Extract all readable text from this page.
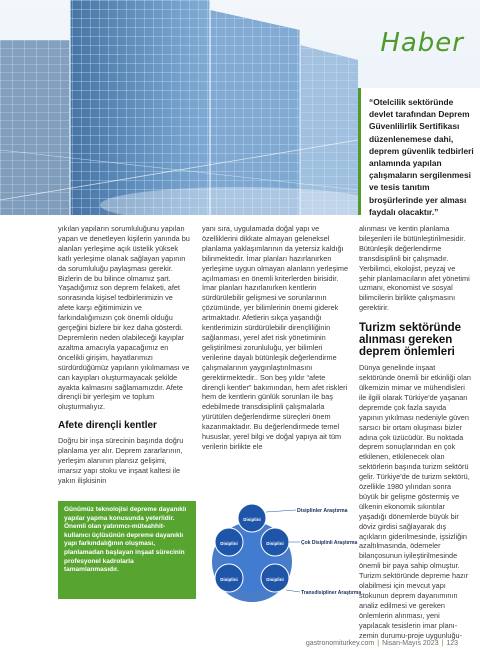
Haber

“Otelcilik sektöründe devlet tarafından Deprem Güvenlilirlik Sertifikası düzenlenemese dahi, deprem güvenlik tedbirleri anlamında yapılan çalışmaların sergilenmesi ve tesis tanıtım broşürlerinde yer alması faydalı olacaktır.”

yıkılan yapıların sorumluluğunu yapılan yapan ve denetleyen kişilerin yanında bu alanları yerleşime açık üstelik yüksek katlı yerleşime olanak sağlayan yapının da sorumluluğu paylaşması gerekir. Bizlerin de bu bilince olmamız şart. Yaşadığımız son deprem felaketi, afet sonrasında kişisel tedbirlerimizin ve afete karşı eğitimimizin ve farkındalığımızın çok önemli olduğu gerçeğini bizlere bir kez daha gösterdi. Depremlerin neden olabileceği kayıplar azaltma amacıyla yapacağımız en öncelikli girişim, hayatlarımızı sürdürdüğümüz yapıların yıkılmaması ve can kayıpları oluşturmayacak şekilde ayakta kalmasını sağlamamızdır. Afete dirençli bir yerleşim ve toplum oluşturmalıyız.

Afete dirençli kentler

Doğru bir inşa sürecinin başında doğru planlama yer alır. Deprem zararlarının, yerleşim alanının plansız gelişimi, imarsız yapı stoku ve inşaat kaltesi ile yakın ilişkisinin

yanı sıra, uygulamada doğal yapı ve özelliklerini dikkate almayan geleneksel planlama yaklaşımlarının da yetersiz kaldığı bilinmektedir. İmar planları hazırlanırken yerleşime uygun olmayan alanların yerleşime açılmaması en önemli kriterlerden birisidir. İmar planları hazırlanırken kentlerin sürdürülebilir gelişmesi ve sorunlarının çözümünde, yer bilimlerinin önemi giderek artmaktadır. Afetlerin sıkça yaşandığı kentlerimizin sürdürülebilir dirençliliğinin sağlanması, yerel afet risk yönetiminin geliştirilmesi zorunluluğu, yer bilimleri verilerine dayalı bütünleşik değerlendirme çalışmalarının yaygınlaştırılmasını gerektirmektedir.. Son beş yıldır “afete dirençli kentler” bakımından, hem afet riskleri hem de kentlerin günlük sorunları ile baş edebilmede transdisiplinli çalışmalarla yürütülen değerlendirme süreçleri önem kazanmaktadır. Bu değerlendirmede temel hususlar, yerel bilgi ve doğal yapıya ait tüm verilerin birlikte ele

alınması ve kentin planlama bileşenleri ile bütünleştirilmesidir. Bütünleşik değerlendirme transdisiplinli bir çalışmadır. Yerbilimci, ekolojist, peyzaj ve şehir planlamacıların afet yönetimi uzmanı, ekonomist ve sosyal bilimcilerin birlikte çalışmasını gerektirir.

Turizm sektöründe alınması gereken deprem önlemleri

Dünya genelinde inşaat sektöründe önemli bir etkinliği olan ülkemizin mimar ve mühendisleri ile ilgili olarak Türkiye'de yaşanan depremde çok fazla sayıda yapının yıkılması nedeniyle güven sarsıcı bir ortam oluşması bizler adına çok üzücüdür. Bu noktada deprem sonuçlarından en çok etkilenen, etkilenecek olan sektörlerin başında turizm sektörü gelir. Türkiye'de de turizm sektörü, özellikle 1980 yılından sonra büyük bir gelişme göstermiş ve ülkenin ekonomik sıkıntılar yaşadığı dönemlerde büyük bir döviz girdisi sağlayarak dış açıkların giderilmesinde, işsizliğin azaltılmasında, ödemeler bilançosunun iyileştirilmesinde önemli bir paya sahip olmuştur. Turizm sektöründe depreme hazır olabilmesi için mevcut yapı stokunun deprem dayanımının analiz edilmesi ve gereken önlemlerin alınması, yeni yapılacak tesislerin imar planı-zemin durumu-proje uygunluğu-

Günümüz teknolojisi depreme dayanıklı yapılar yapma konusunda yeterlidir. Önemli olan yatırımcı-müteahhit-kullanıcı üçlüsünün depreme dayanıklı yapı farkındalığının oluşması, planlamadan başlayan inşaat sürecinin profesyonel kadrolarla tamamlanmasıdır.

Disiplini
Disiplini	Disiplini
Disiplini	Disiplini
Disiplinler Araştırma
Çok Disiplinli Araştırma
Transdisipliner Araştırma
gastronomiturkey.com | Nisan-Mayıs 2023 | 123
